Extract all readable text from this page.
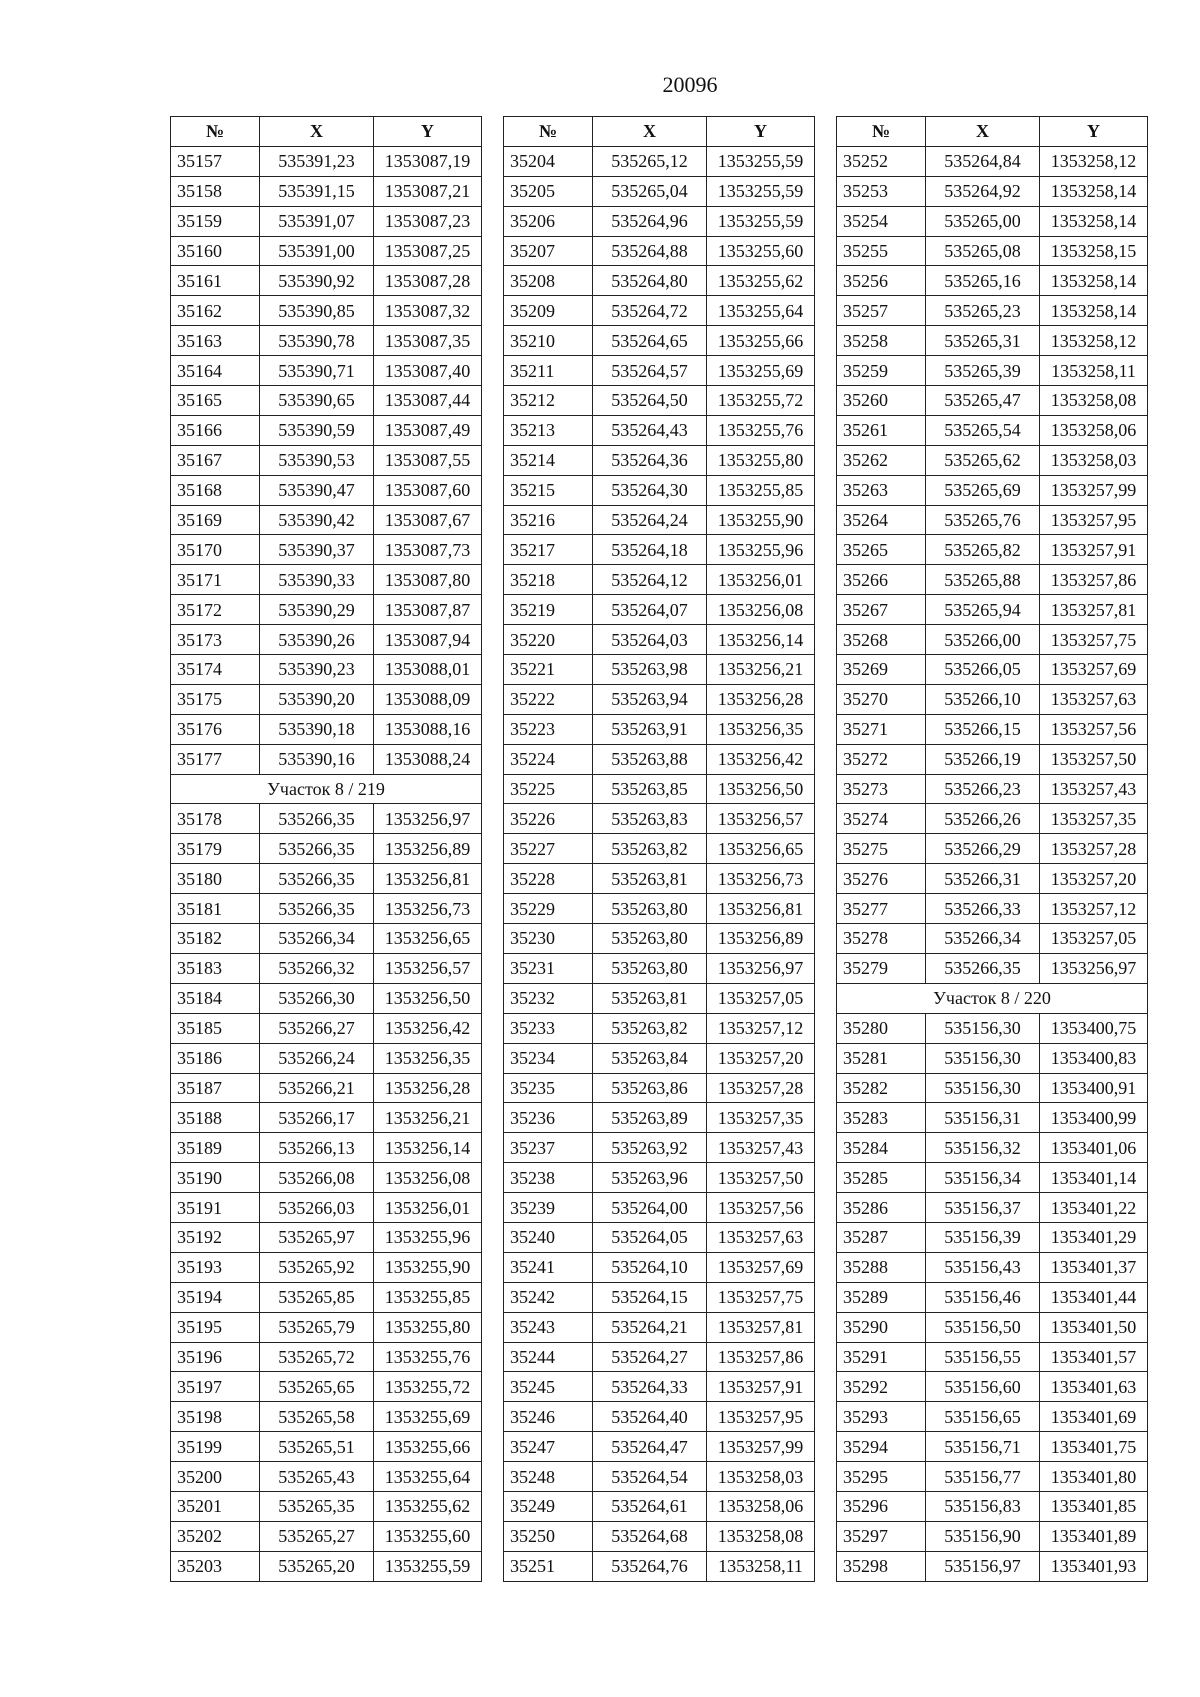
20096
№	X	Y
35157	535391,23	1353087,19
35158	535391,15	1353087,21
35159	535391,07	1353087,23
35160	535391,00	1353087,25
35161	535390,92	1353087,28
35162	535390,85	1353087,32
35163	535390,78	1353087,35
35164	535390,71	1353087,40
35165	535390,65	1353087,44
35166	535390,59	1353087,49
35167	535390,53	1353087,55
35168	535390,47	1353087,60
35169	535390,42	1353087,67
35170	535390,37	1353087,73
35171	535390,33	1353087,80
35172	535390,29	1353087,87
35173	535390,26	1353087,94
35174	535390,23	1353088,01
35175	535390,20	1353088,09
35176	535390,18	1353088,16
35177	535390,16	1353088,24
Участок 8 / 219		
35178	535266,35	1353256,97
35179	535266,35	1353256,89
35180	535266,35	1353256,81
35181	535266,35	1353256,73
35182	535266,34	1353256,65
35183	535266,32	1353256,57
35184	535266,30	1353256,50
35185	535266,27	1353256,42
35186	535266,24	1353256,35
35187	535266,21	1353256,28
35188	535266,17	1353256,21
35189	535266,13	1353256,14
35190	535266,08	1353256,08
35191	535266,03	1353256,01
35192	535265,97	1353255,96
35193	535265,92	1353255,90
35194	535265,85	1353255,85
35195	535265,79	1353255,80
35196	535265,72	1353255,76
35197	535265,65	1353255,72
35198	535265,58	1353255,69
35199	535265,51	1353255,66
35200	535265,43	1353255,64
35201	535265,35	1353255,62
35202	535265,27	1353255,60
35203	535265,20	1353255,59
№	X	Y
35204	535265,12	1353255,59
35205	535265,04	1353255,59
35206	535264,96	1353255,59
35207	535264,88	1353255,60
35208	535264,80	1353255,62
35209	535264,72	1353255,64
35210	535264,65	1353255,66
35211	535264,57	1353255,69
35212	535264,50	1353255,72
35213	535264,43	1353255,76
35214	535264,36	1353255,80
35215	535264,30	1353255,85
35216	535264,24	1353255,90
35217	535264,18	1353255,96
35218	535264,12	1353256,01
35219	535264,07	1353256,08
35220	535264,03	1353256,14
35221	535263,98	1353256,21
35222	535263,94	1353256,28
35223	535263,91	1353256,35
35224	535263,88	1353256,42
35225	535263,85	1353256,50
35226	535263,83	1353256,57
35227	535263,82	1353256,65
35228	535263,81	1353256,73
35229	535263,80	1353256,81
35230	535263,80	1353256,89
35231	535263,80	1353256,97
35232	535263,81	1353257,05
35233	535263,82	1353257,12
35234	535263,84	1353257,20
35235	535263,86	1353257,28
35236	535263,89	1353257,35
35237	535263,92	1353257,43
35238	535263,96	1353257,50
35239	535264,00	1353257,56
35240	535264,05	1353257,63
35241	535264,10	1353257,69
35242	535264,15	1353257,75
35243	535264,21	1353257,81
35244	535264,27	1353257,86
35245	535264,33	1353257,91
35246	535264,40	1353257,95
35247	535264,47	1353257,99
35248	535264,54	1353258,03
35249	535264,61	1353258,06
35250	535264,68	1353258,08
35251	535264,76	1353258,11
№	X	Y
35252	535264,84	1353258,12
35253	535264,92	1353258,14
35254	535265,00	1353258,14
35255	535265,08	1353258,15
35256	535265,16	1353258,14
35257	535265,23	1353258,14
35258	535265,31	1353258,12
35259	535265,39	1353258,11
35260	535265,47	1353258,08
35261	535265,54	1353258,06
35262	535265,62	1353258,03
35263	535265,69	1353257,99
35264	535265,76	1353257,95
35265	535265,82	1353257,91
35266	535265,88	1353257,86
35267	535265,94	1353257,81
35268	535266,00	1353257,75
35269	535266,05	1353257,69
35270	535266,10	1353257,63
35271	535266,15	1353257,56
35272	535266,19	1353257,50
35273	535266,23	1353257,43
35274	535266,26	1353257,35
35275	535266,29	1353257,28
35276	535266,31	1353257,20
35277	535266,33	1353257,12
35278	535266,34	1353257,05
35279	535266,35	1353256,97
Участок 8 / 220		
35280	535156,30	1353400,75
35281	535156,30	1353400,83
35282	535156,30	1353400,91
35283	535156,31	1353400,99
35284	535156,32	1353401,06
35285	535156,34	1353401,14
35286	535156,37	1353401,22
35287	535156,39	1353401,29
35288	535156,43	1353401,37
35289	535156,46	1353401,44
35290	535156,50	1353401,50
35291	535156,55	1353401,57
35292	535156,60	1353401,63
35293	535156,65	1353401,69
35294	535156,71	1353401,75
35295	535156,77	1353401,80
35296	535156,83	1353401,85
35297	535156,90	1353401,89
35298	535156,97	1353401,93
